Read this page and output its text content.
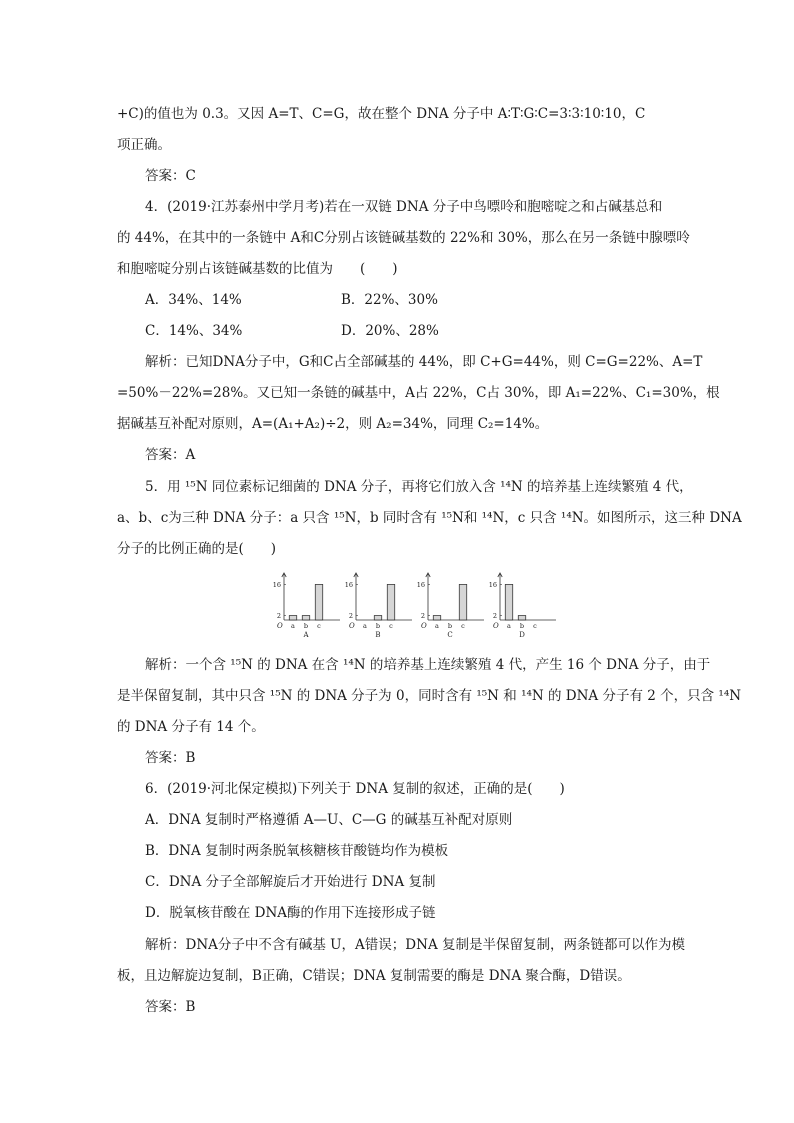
+C)的值也为 0.3。又因 A=T、C=G，故在整个 DNA 分子中 A∶T∶G∶C=3∶3∶10∶10，C
项正确。
答案：C
4．(2019·江苏泰州中学月考)若在一双链 DNA 分子中鸟嘌呤和胞嘧啶之和占碱基总和
的 44%，在其中的一条链中 A和C分别占该链碱基数的 22%和 30%，那么在另一条链中腺嘌呤
和胞嘧啶分别占该链碱基数的比值为　　(　　)
A．34%、14%	B．22%、30%
C．14%、34%	D．20%、28%
解析：已知DNA分子中，G和C占全部碱基的 44%，即 C+G=44%，则 C=G=22%、A=T
=50%－22%=28%。又已知一条链的碱基中，A占 22%，C占 30%，即 A₁=22%、C₁=30%，根
据碱基互补配对原则，A=(A₁+A₂)÷2，则 A₂=34%，同理 C₂=14%。
答案：A
5．用 ¹⁵N 同位素标记细菌的 DNA 分子，再将它们放入含 ¹⁴N 的培养基上连续繁殖 4 代，
a、b、c为三种 DNA 分子：a 只含 ¹⁵N，b 同时含有 ¹⁵N和 ¹⁴N，c 只含 ¹⁴N。如图所示，这三种 DNA
分子的比例正确的是(　　)
O
2
16
a b c
A
O
2
16
a b c
B
O
2
16
a b c
C
O
2
16
a b c
D
解析：一个含 ¹⁵N 的 DNA 在含 ¹⁴N 的培养基上连续繁殖 4 代，产生 16 个 DNA 分子，由于
是半保留复制，其中只含 ¹⁵N 的 DNA 分子为 0，同时含有 ¹⁵N 和 ¹⁴N 的 DNA 分子有 2 个，只含 ¹⁴N
的 DNA 分子有 14 个。
答案：B
6．(2019·河北保定模拟)下列关于 DNA 复制的叙述，正确的是(　　)
A．DNA 复制时严格遵循 A—U、C—G 的碱基互补配对原则
B．DNA 复制时两条脱氧核糖核苷酸链均作为模板
C．DNA 分子全部解旋后才开始进行 DNA 复制
D．脱氧核苷酸在 DNA酶的作用下连接形成子链
解析：DNA分子中不含有碱基 U，A错误；DNA 复制是半保留复制，两条链都可以作为模
板，且边解旋边复制，B正确，C错误；DNA 复制需要的酶是 DNA 聚合酶，D错误。
答案：B
